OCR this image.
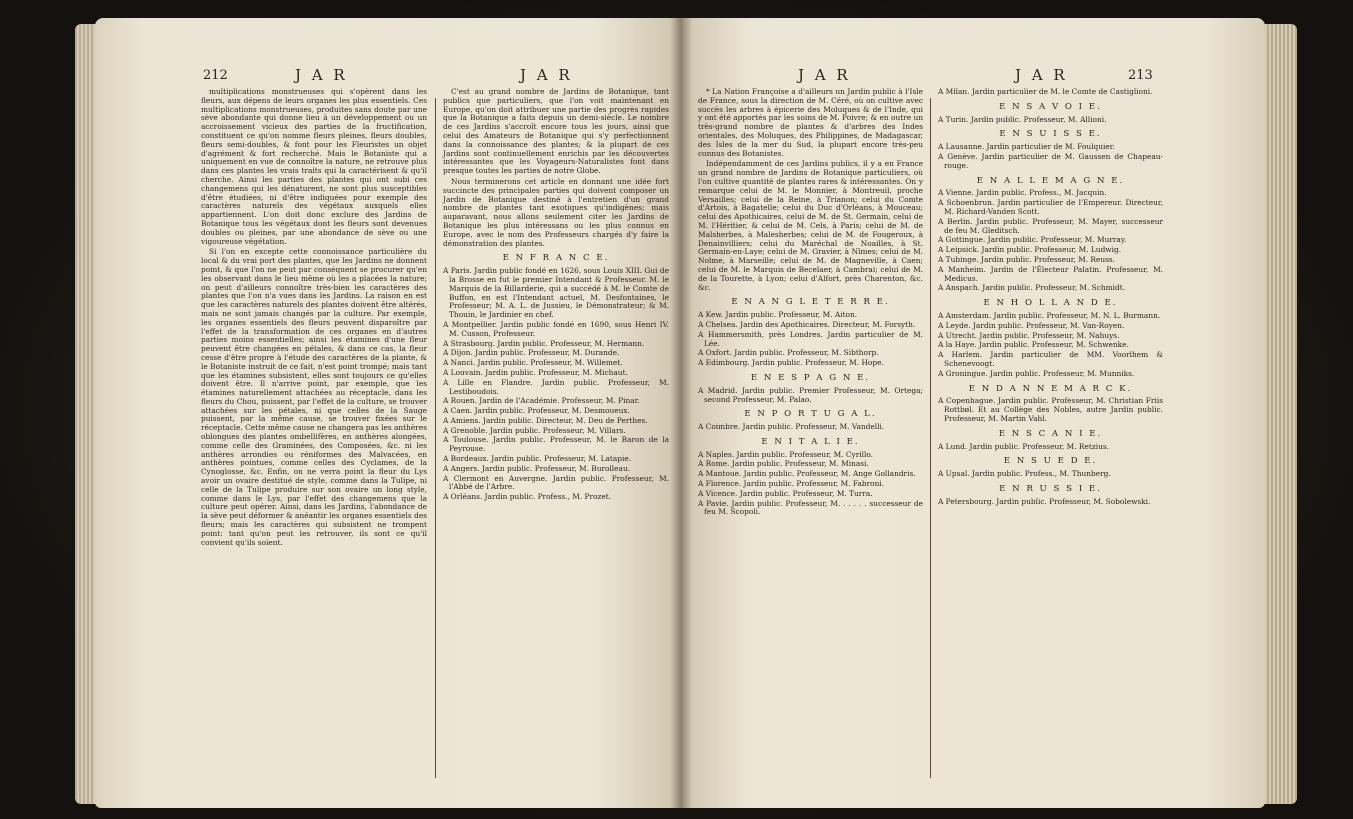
212	J A R	J A R

multiplications monstrueuses qui s'opèrent dans les fleurs, aux dépens de leurs organes les plus essentiels. Ces multiplications monstrueuses, produites sans doute par une sève abondante qui donne lieu à un développement ou un accroissement vicieux des parties de la fructification, constituent ce qu'on nomme fleurs pleines, fleurs doubles, fleurs semi-doubles, & font pour les Fleuristes un objet d'agrément & fort recherché. Mais le Botaniste qui a uniquement en vue de connoître la nature, ne retrouve plus dans ces plantes les vrais traits qui la caractérisent & qu'il cherche. Ainsi les parties des plantes qui ont subi ces changemens qui les dénaturent, ne sont plus susceptibles d'être étudiées, ni d'être indiquées pour exemple des caractères naturels des végétaux auxquels elles appartiennent. L'on doit donc exclure des Jardins de Botanique tous les végétaux dont les fleurs sont devenues doubles ou pleines, par une abondance de sève ou une vigoureuse végétation.

Si l'on en excepte cette connoissance particulière du local & du vrai port des plantes, que les Jardins ne donnent point, & que l'on ne peut par conséquent se procurer qu'en les observant dans le lieu même où les a placées la nature; on peut d'ailleurs connoître très-bien les caractères des plantes que l'on n'a vues dans les Jardins. La raison en est que les caractères naturels des plantes doivent être altérés, mais ne sont jamais changés par la culture. Par exemple, les organes essentiels des fleurs peuvent disparoître par l'effet de la transformation de ces organes en d'autres parties moins essentielles; ainsi les étamines d'une fleur peuvent être changées en pétales, & dans ce cas, la fleur cesse d'être propre à l'étude des caractères de la plante, & le Botaniste instruit de ce fait, n'est point trompé; mais tant que les étamines subsistent, elles sont toujours ce qu'elles doivent être. Il n'arrive point, par exemple, que les étamines naturellement attachées au réceptacle, dans les fleurs du Chou, puissent, par l'effet de la culture, se trouver attachées sur les pétales, ni que celles de la Sauge puissent, par la même cause, se trouver fixées sur le réceptacle. Cette même cause ne changera pas les anthères oblongues des plantes ombellifères, en anthères alongées, comme celle des Graminées, des Composées, &c. ni les anthères arrondies ou réniformes des Malvacées, en anthères pointues, comme celles des Cyclames, de la Cynoglosse, &c. Enfin, on ne verra point la fleur du Lys avoir un ovaire destitué de style, comme dans la Tulipe, ni celle de la Tulipe produire sur son ovaire un long style, comme dans le Lys, par l'effet des changemens que la culture peut opérer. Ainsi, dans les Jardins, l'abondance de la sève peut déformer & anéantir les organes essentiels des fleurs; mais les caractères qui subsistent ne trompent point: tant qu'on peut les retrouver, ils sont ce qu'il convient qu'ils soient.

C'est au grand nombre de Jardins de Botanique, tant publics que particuliers, que l'on voit maintenant en Europe, qu'on doit attribuer une partie des progrès rapides que la Botanique a faits depuis un demi-siècle. Le nombre de ces Jardins s'accroît encore tous les jours, ainsi que celui des Amateurs de Botanique qui s'y perfectionnent dans la connoissance des plantes; & la plupart de ces Jardins sont continuellement enrichis par les découvertes intéressantes que les Voyageurs-Naturalistes font dans presque toutes les parties de notre Globe.

Nous terminerons cet article en donnant une idée fort succincte des principales parties qui doivent composer un Jardin de Botanique destiné à l'entretien d'un grand nombre de plantes tant exotiques qu'indigènes; mais auparavant, nous allons seulement citer les Jardins de Botanique les plus intéressans ou les plus connus en Europe, avec le nom des Professeurs chargés d'y faire la démonstration des plantes.

E N F R A N C E.
A Paris. Jardin public fondé en 1626, sous Louis XIII. Gui de la Brosse en fut le premier Intendant & Professeur. M. le Marquis de la Billarderie, qui a succédé à M. le Comte de Buffon, en est l'Intendant actuel, M. Desfontaines, le Professeur; M. A. L. de Jussieu, le Démonstrateur; & M. Thouin, le Jardinier en chef.
A Montpellier. Jardin public fondé en 1690, sous Henri IV. M. Cusson, Professeur.
A Strasbourg. Jardin public. Professeur, M. Hermann.
A Dijon. Jardin public. Professeur, M. Durande.
A Nanci. Jardin public. Professeur, M. Willemet.
A Louvain. Jardin public. Professeur, M. Michaut.
A Lille en Flandre. Jardin public. Professeur, M. Lestiboudois.
A Rouen. Jardin de l'Académie. Professeur, M. Pinar.
A Caen. Jardin public. Professeur, M. Desmoueux.
A Amiens. Jardin public. Directeur, M. Deu de Perthes.
A Grenoble. Jardin public. Professeur, M. Villars.
A Toulouse. Jardin public. Professeur, M. le Baron de la Peyrouse.
A Bordeaux. Jardin public. Professeur, M. Latapie.
A Angers. Jardin public. Professeur, M. Burolleau.
A Clermont en Auvergne. Jardin public. Professeur, M. l'Abbé de l'Arbre.
A Orléans. Jardin public. Profess., M. Prozet.
J A R	J A R	213

* La Nation Françoise a d'ailleurs un Jardin public à l'Isle de France, sous la direction de M. Céré, où on cultive avec succès les arbres à épicerie des Moluques & de l'Inde, qui y ont été apportés par les soins de M. Poivre; & en outre un très-grand nombre de plantes & d'arbres des Indes orientales, des Moluques, des Philippines, de Madagascar, des Isles de la mer du Sud, la plupart encore très-peu connus des Botanistes.

Indépendamment de ces Jardins publics, il y a en France un grand nombre de Jardins de Botanique particuliers, où l'on cultive quantité de plantes rares & intéressantes. On y remarque celui de M. le Monnier, à Montreuil, proche Versailles; celui de la Reine, à Trianon; celui du Comte d'Artois, à Bagatelle; celui du Duc d'Orléans, à Mouceau; celui des Apothicaires, celui de M. de St. Germain, celui de M. l'Héritier, & celui de M. Cels, à Paris; celui de M. de Malsherbes, à Malesherbes; celui de M. de Fougeroux, à Denainvilliers; celui du Maréchal de Noailles, à St. Germain-en-Laye; celui de M. Gravier, à Nîmes; celui de M. Nolme, à Marseille; celui de M. de Magneville, à Caen; celui de M. le Marquis de Becelaer, à Cambrai; celui de M. de la Tourette, à Lyon; celui d'Alfort, près Charenton, &c. &c.

E N A N G L E T E R R E.
A Kew. Jardin public. Professeur, M. Aiton.
A Chelsea. Jardin des Apothicaires. Directeur, M. Forsyth.
A Hammersmith, près Londres. Jardin particulier de M. Lée.
A Oxfort. Jardin public. Professeur, M. Sibthorp.
A Edimbourg. Jardin public. Professeur, M. Hope.
E N E S P A G N E.
A Madrid. Jardin public. Premier Professeur, M. Ortega; second Professeur, M. Palao.
E N P O R T U G A L.
A Coimbre. Jardin public. Professeur, M. Vandelli.
E N I T A L I E.
A Naples. Jardin public. Professeur, M. Cyrillo.
A Rome. Jardin public. Professeur, M. Minasi.
A Mantoue. Jardin public. Professeur, M. Ange Gollandris.
A Florence. Jardin public. Professeur, M. Fabroni.
A Vicence. Jardin public. Professeur, M. Turra.
A Pavie. Jardin public. Professeur, M. . . . . . successeur de feu M. Scopoli.
A Milan. Jardin particulier de M. le Comte de Castiglioni.
E N S A V O I E.
A Turin. Jardin public. Professeur, M. Allioni.
E N S U I S S E.
A Lausanne. Jardin particulier de M. Foulquier.
A Genève. Jardin particulier de M. Gaussen de Chapeau-rouge.
E N A L L E M A G N E.
A Vienne. Jardin public. Profess., M. Jacquin.
A Schoenbrun. Jardin particulier de l'Empereur. Directeur, M. Richard-Vanden Scott.
A Berlin. Jardin public. Professeur, M. Mayer, successeur de feu M. Gleditsch.
A Gottingue. Jardin public. Professeur, M. Murray.
A Leipsick. Jardin public. Professeur, M. Ludwig.
A Tubinge. Jardin public. Professeur, M. Reuss.
A Manheim. Jardin de l'Électeur Palatin. Professeur, M. Medicus.
A Anspach. Jardin public. Professeur, M. Schmidt.
E N H O L L A N D E.
A Amsterdam. Jardin public. Professeur, M. N. L. Burmann.
A Leyde. Jardin public. Professeur, M. Van-Royen.
A Utrecht. Jardin public. Professeur, M. Nahuys.
A la Haye. Jardin public. Professeur, M. Schwenke.
A Harlem. Jardin particulier de MM. Voorlhem & Schenevoogt.
A Groningue. Jardin public. Professeur, M. Munniks.
E N D A N N E M A R C K.
A Copenhague. Jardin public. Professeur, M. Christian Friis Rottbøl. Et au Collège des Nobles, autre Jardin public. Professeur, M. Martin Vahl.
E N S C A N I E.
A Lund. Jardin public. Professeur, M. Retzius.
E N S U E D E.
A Upsal. Jardin public. Profess., M. Thunberg.
E N R U S S I E.
A Petersbourg. Jardin public. Professeur, M. Sobolewski.
